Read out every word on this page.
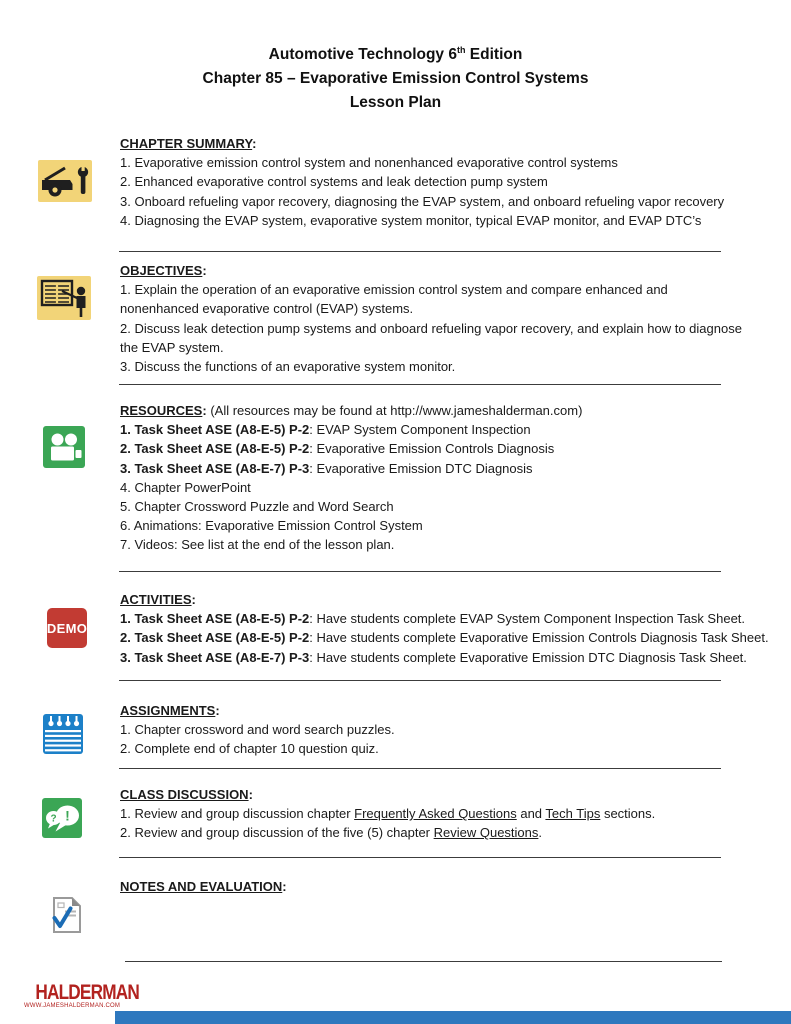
Automotive Technology 6th Edition
Chapter 85 – Evaporative Emission Control Systems
Lesson Plan
DEMO
? !
CHAPTER SUMMARY:
1. Evaporative emission control system and nonenhanced evaporative control systems
2. Enhanced evaporative control systems and leak detection pump system
3. Onboard refueling vapor recovery, diagnosing the EVAP system, and onboard refueling vapor recovery
4. Diagnosing the EVAP system, evaporative system monitor, typical EVAP monitor, and EVAP DTC’s
OBJECTIVES:
1. Explain the operation of an evaporative emission control system and compare enhanced and nonenhanced evaporative control (EVAP) systems.
2. Discuss leak detection pump systems and onboard refueling vapor recovery, and explain how to diagnose the EVAP system.
3. Discuss the functions of an evaporative system monitor.
RESOURCES: (All resources may be found at http://www.jameshalderman.com)
1. Task Sheet ASE (A8-E-5) P-2: EVAP System Component Inspection
2. Task Sheet ASE (A8-E-5) P-2: Evaporative Emission Controls Diagnosis
3. Task Sheet ASE (A8-E-7) P-3: Evaporative Emission DTC Diagnosis
4. Chapter PowerPoint
5. Chapter Crossword Puzzle and Word Search
6. Animations: Evaporative Emission Control System
7. Videos: See list at the end of the lesson plan.
ACTIVITIES:
1. Task Sheet ASE (A8-E-5) P-2: Have students complete EVAP System Component Inspection Task Sheet.
2. Task Sheet ASE (A8-E-5) P-2: Have students complete Evaporative Emission Controls Diagnosis Task Sheet.
3. Task Sheet ASE (A8-E-7) P-3: Have students complete Evaporative Emission DTC Diagnosis Task Sheet.
ASSIGNMENTS:
1. Chapter crossword and word search puzzles.
2. Complete end of chapter 10 question quiz.
CLASS DISCUSSION:
1. Review and group discussion chapter Frequently Asked Questions and Tech Tips sections.
2. Review and group discussion of the five (5) chapter Review Questions.
NOTES AND EVALUATION:
HALDERMAN
WWW.JAMESHALDERMAN.COM
